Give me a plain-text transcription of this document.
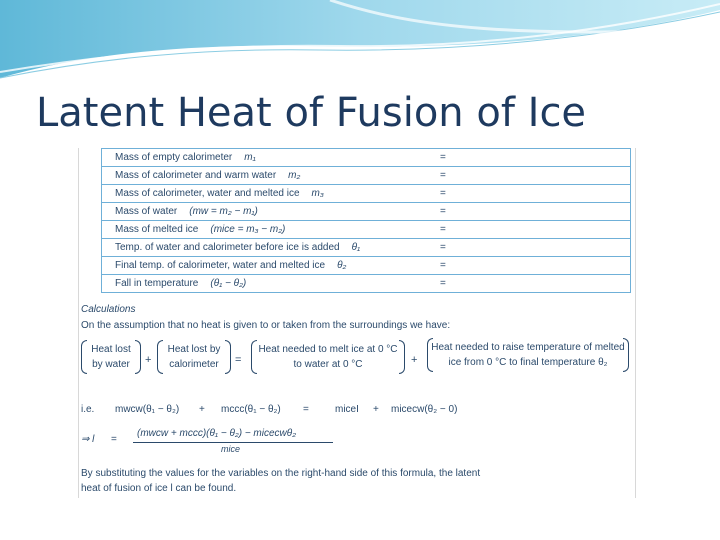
Latent Heat of Fusion of Ice
Mass of empty calorimeter m₁	=
Mass of calorimeter and warm water m₂	=
Mass of calorimeter, water and melted ice m₃	=
Mass of water (mw = m₂ − m₁)	=
Mass of melted ice (mice = m₃ − m₂)	=
Temp. of water and calorimeter before ice is added θ₁	=
Final temp. of calorimeter, water and melted ice θ₂	=
Fall in temperature (θ₁ − θ₂)	=
Calculations
On the assumption that no heat is given to or taken from the surroundings we have:
Heat lost by water	+
Heat lost by calorimeter	=
Heat needed to melt ice at 0 °C to water at 0 °C	+
Heat needed to raise temperature of melted ice from 0 °C to final temperature θ₂
i.e. mwcw(θ₁ − θ₂) + mccc(θ₁ − θ₂) =	miceI + micecw(θ₂ − 0)
⇒ l =
(mwcw + mccc)(θ₁ − θ₂) − micecwθ₂
mice
By substituting the values for the variables on the right-hand side of this formula, the latent
heat of fusion of ice l can be found.
